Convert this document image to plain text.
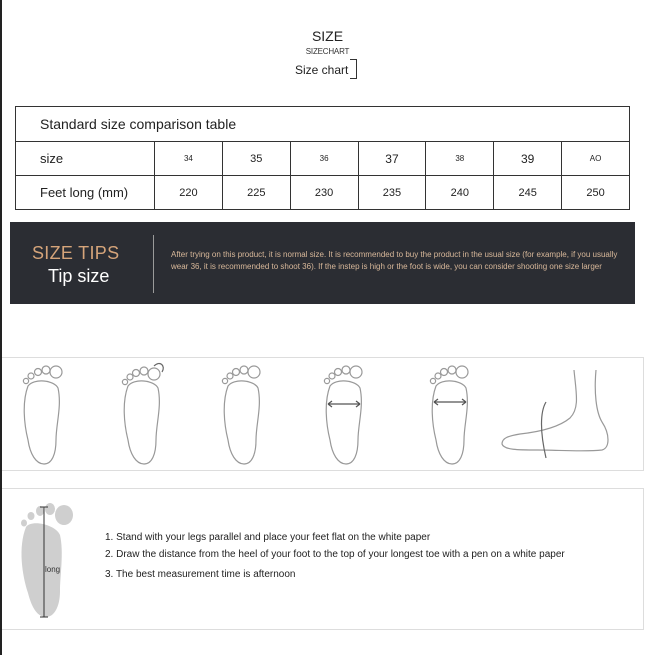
SIZE
SIZECHART
Size chart
Standard size comparison table							
size	34	35	36	37	38	39	AO
Feet long (mm)	220	225	230	235	240	245	250
SIZE TIPS
Tip size
After trying on this product, it is normal size. It is recommended to buy the product in the usual size (for example, if you usually wear 36, it is recommended to shoot 36). If the instep is high or the foot is wide, you can consider shooting one size larger
long
1. Stand with your legs parallel and place your feet flat on the white paper
2. Draw the distance from the heel of your foot to the top of your longest toe with a pen on a white paper
3. The best measurement time is afternoon
